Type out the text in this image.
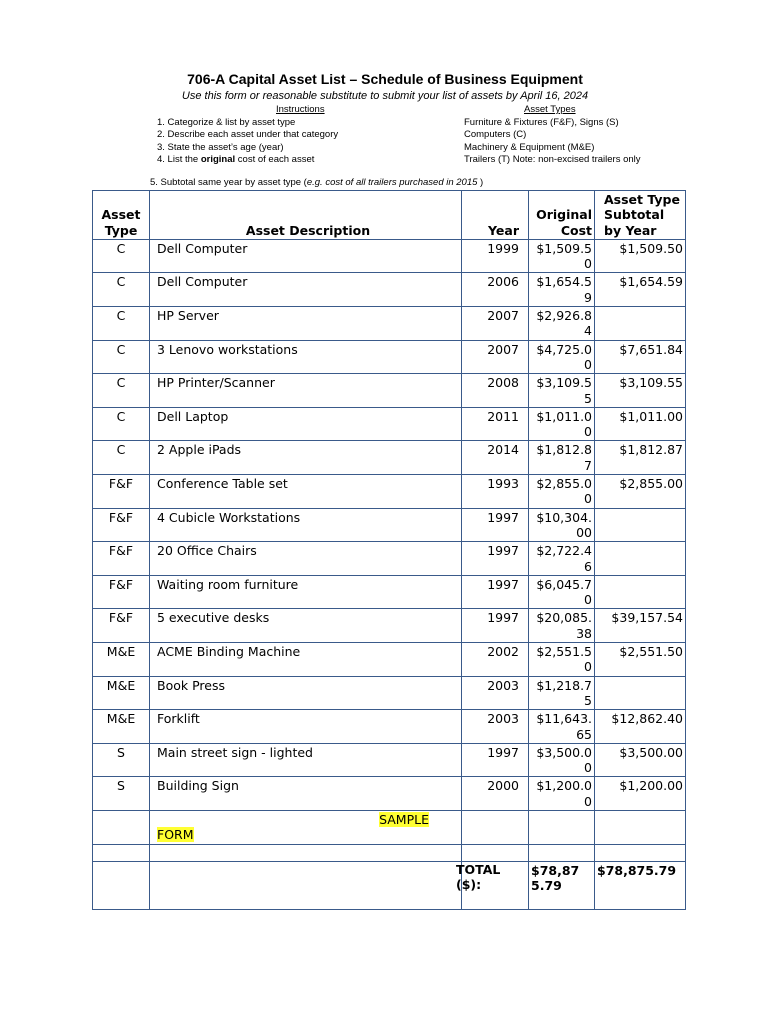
706-A Capital Asset List – Schedule of Business Equipment
Use this form or reasonable substitute to submit your list of assets by April 16, 2024
Instructions	Asset Types
1. Categorize & list by asset type
2. Describe each asset under that category
3. State the asset’s age (year)
4. List the original cost of each asset
Furniture & Fixtures (F&F), Signs (S)
Computers (C)
Machinery & Equipment (M&E)
Trailers (T) Note: non-excised trailers only
5. Subtotal same year by asset type (e.g. cost of all trailers purchased in 2015 )
Asset Type	Asset Description	Year	Original Cost	Asset Type Subtotal by Year
C	Dell Computer	1999	$1,509.50	$1,509.50
C	Dell Computer	2006	$1,654.59	$1,654.59
C	HP Server	2007	$2,926.84	
C	3 Lenovo workstations	2007	$4,725.00	$7,651.84
C	HP Printer/Scanner	2008	$3,109.55	$3,109.55
C	Dell Laptop	2011	$1,011.00	$1,011.00
C	2 Apple iPads	2014	$1,812.87	$1,812.87
F&F	Conference Table set	1993	$2,855.00	$2,855.00
F&F	4 Cubicle Workstations	1997	$10,304.00	
F&F	20 Office Chairs	1997	$2,722.46	
F&F	Waiting room furniture	1997	$6,045.70	
F&F	5 executive desks	1997	$20,085.38	$39,157.54
M&E	ACME Binding Machine	2002	$2,551.50	$2,551.50
M&E	Book Press	2003	$1,218.75	
M&E	Forklift	2003	$11,643.65	$12,862.40
S	Main street sign - lighted	1997	$3,500.00	$3,500.00
S	Building Sign	2000	$1,200.00	$1,200.00

	SAMPLE
FORM			

		TOTAL($):	$78,875.79	$78,875.79
